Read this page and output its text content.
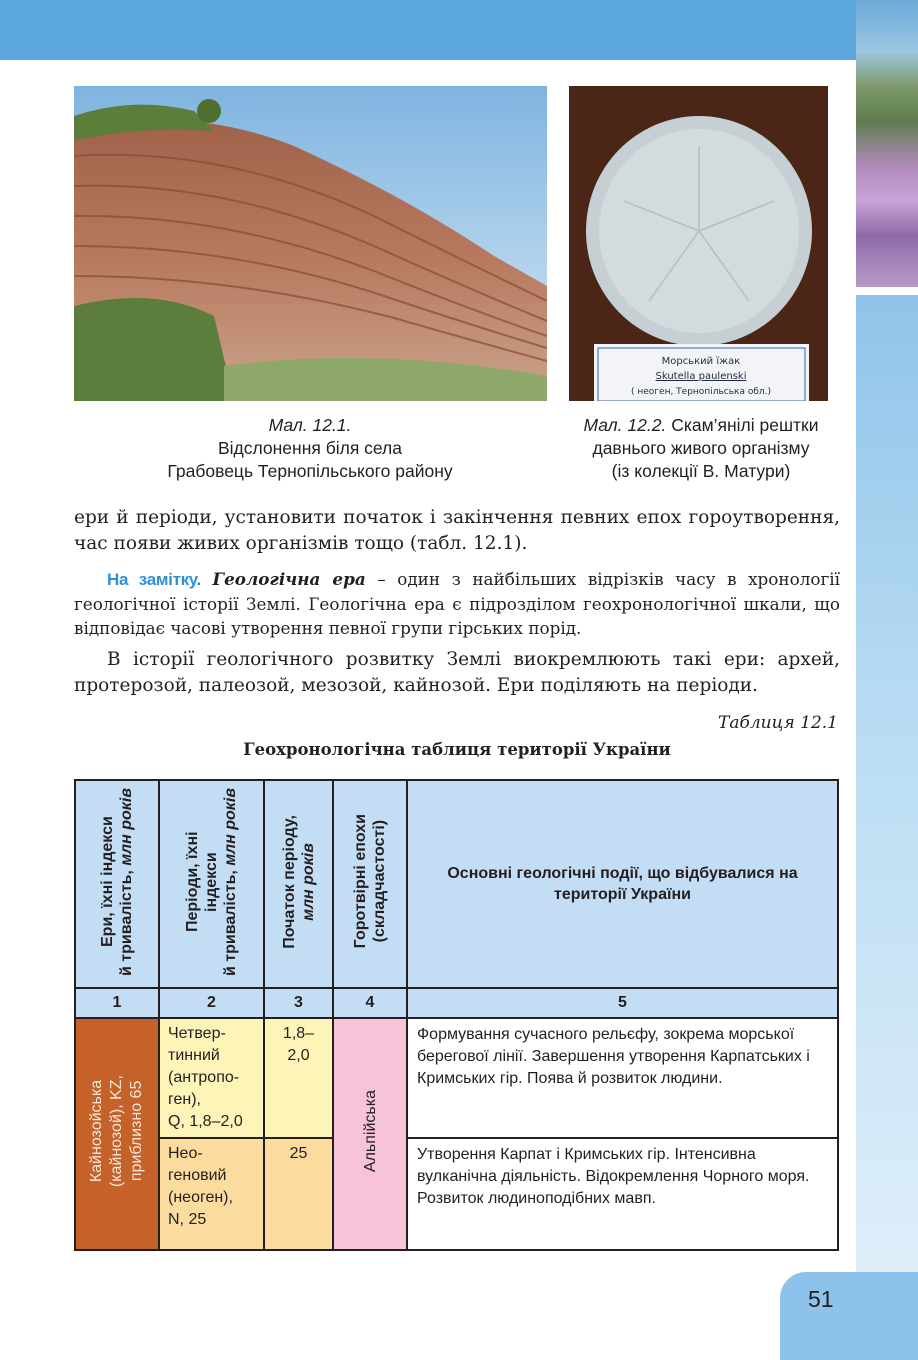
Морський їжак
Skutella paulenski
( неоген, Тернопільська обл.)
Мал. 12.1.
Відслонення біля села
Грабовець Тернопільського району
Мал. 12.2. Скам’янілі рештки
давнього живого організму
(із колекції В. Матури)

ери й періоди, установити початок і закінчення певних епох гороутворення, час появи живих організмів тощо (табл. 12.1).

На замітку. Геологічна ера – один з найбільших відрізків часу в хронології геологічної історії Землі. Геологічна ера є підрозділом геохронологічної шкали, що відповідає часові утворення певної групи гірських порід.

В історії геологічного розвитку Землі виокремлюють такі ери: архей, протерозой, палеозой, мезозой, кайнозой. Ери поділяють на періоди.

Таблиця 12.1
Геохронологічна таблиця території України
Ери, їхні індекси й тривалість, млн років	Періоди, їхні індекси й тривалість, млн років	Початок періоду, млн років	Горотвірні епохи (складчастості)	Основні геологічні події, що відбувалися на території України
1	2	3	4	5
Кайнозойська (кайнозой), KZ, приблизно 65	Четвер-
тинний
(антропо-
ген),
Q, 1,8–2,0	1,8–
2,0	Альпійська	Формування сучасного рельєфу, зокрема морської берегової лінії. Завершення утворення Карпатських і Кримських гір. Поява й розвиток людини.
	Нео-
геновий
(неоген),
N, 25	25		Утворення Карпат і Кримських гір. Інтенсивна вулканічна діяльність. Відокремлення Чорного моря. Розвиток людиноподібних мавп.
51
